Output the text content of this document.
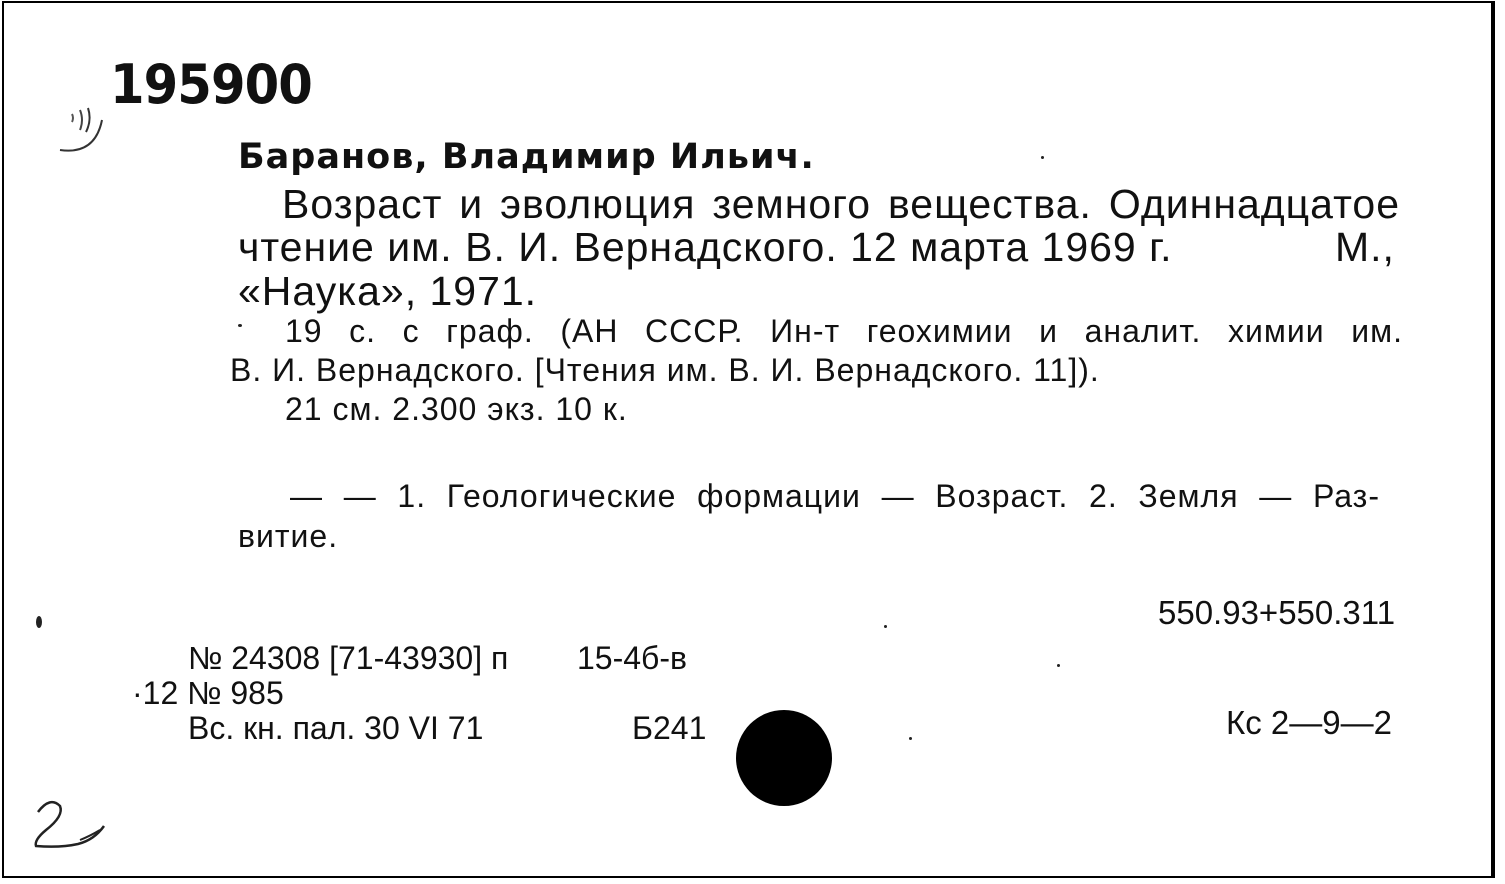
195900
Баранов, Владимир Ильич.
Возраст и эволюция земного вещества. Одиннадцатое
чтение им. В. И. Вернадского. 12 марта 1969 г.	М.,
«Наука», 1971.
19 с. с граф. (АН СССР. Ин-т геохимии и аналит. химии им.
В. И. Вернадского. [Чтения им. В. И. Вернадского. 11]).
21 см. 2.300 экз. 10 к.
— — 1. Геологические формации — Возраст. 2. Земля — Раз-
витие.
550.93+550.311
№ 24308 [71-43930] п 15-4б-в
·12 № 985
Вс. кн. пал. 30 VI 71	Б241	Кс 2—9—2
